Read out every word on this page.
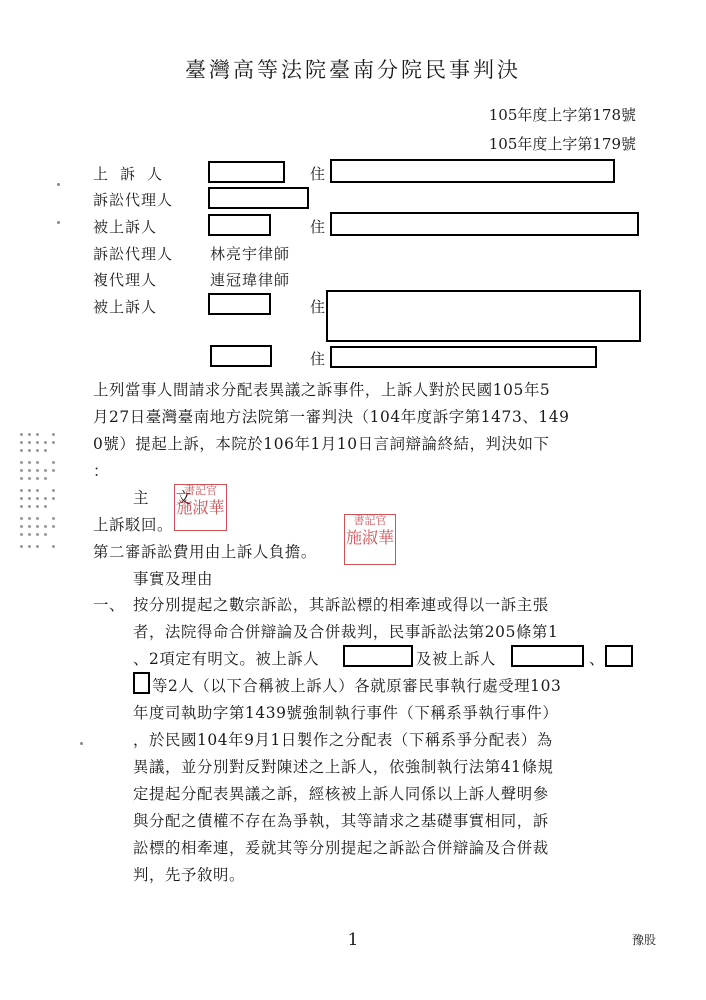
臺灣高等法院臺南分院民事判決
105年度上字第178號
105年度上字第179號
上訴人	住
訴訟代理人
被上訴人	住
訴訟代理人 林亮宇律師
複代理人	連冠瑋律師
被上訴人	住
住
上列當事人間請求分配表異議之訴事件，上訴人對於民國105年5
月27日臺灣臺南地方法院第一審判決（104年度訴字第1473、149
0號）提起上訴，本院於106年1月10日言詞辯論終結，判決如下
：
主　文
上訴駁回。
第二審訴訟費用由上訴人負擔。
書記官
施淑華
書記官
施淑華
事實及理由
一、 按分別提起之數宗訴訟，其訴訟標的相牽連或得以一訴主張
者，法院得命合併辯論及合併裁判，民事訴訟法第205條第1
、2項定有明文。被上訴人	及被上訴人	、
等2人（以下合稱被上訴人）各就原審民事執行處受理103
年度司執助字第1439號強制執行事件（下稱系爭執行事件）
，於民國104年9月1日製作之分配表（下稱系爭分配表）為
異議，並分別對反對陳述之上訴人，依強制執行法第41條規
定提起分配表異議之訴，經核被上訴人同係以上訴人聲明參
與分配之債權不存在為爭執，其等請求之基礎事實相同，訴
訟標的相牽連，爰就其等分別提起之訴訟合併辯論及合併裁
判，先予敘明。
1	豫股
